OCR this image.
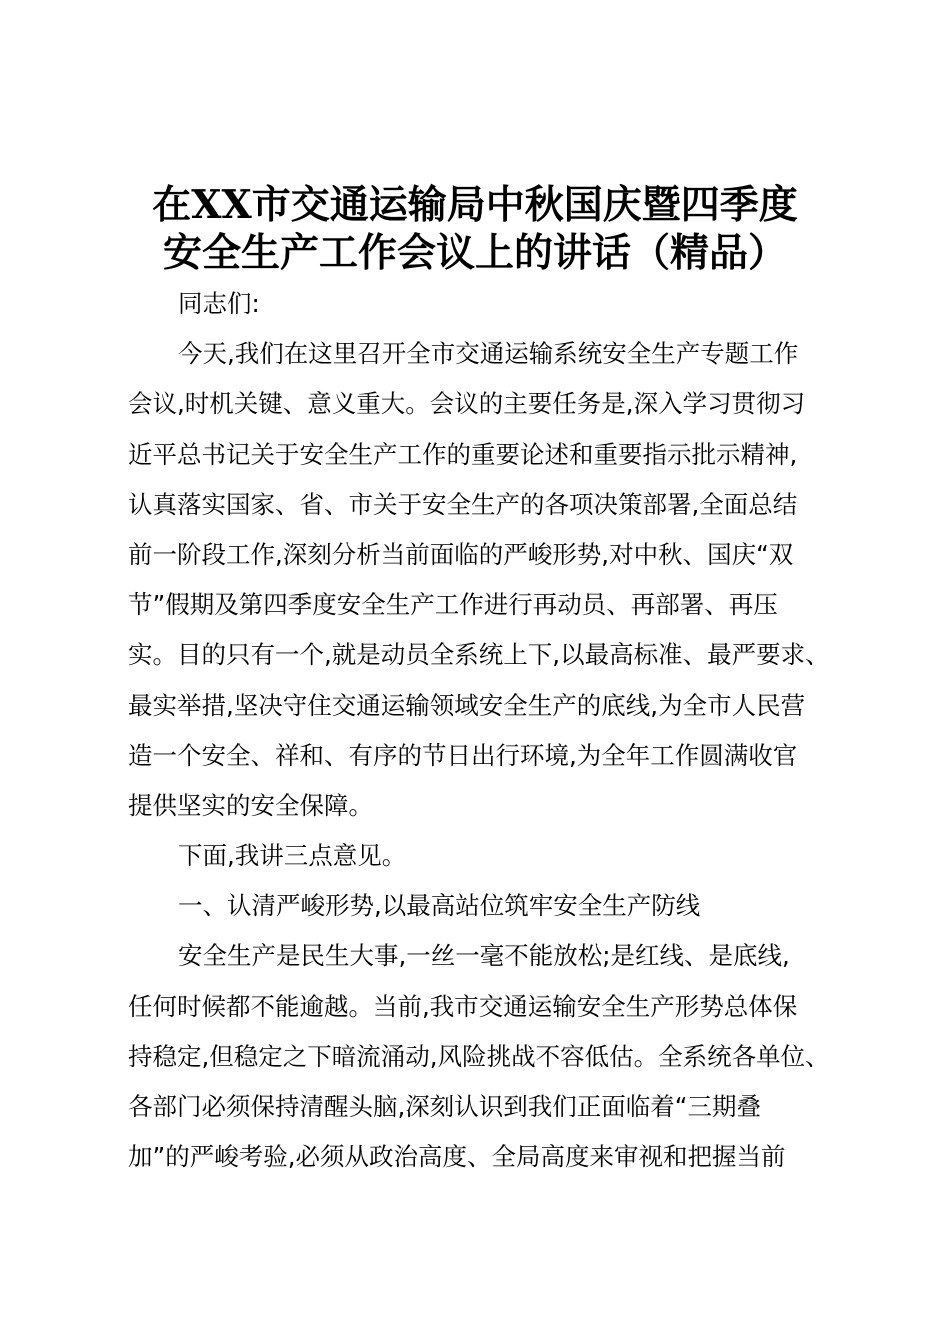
在XX市交通运输局中秋国庆暨四季度
安全生产工作会议上的讲话（精品）
同志们:
今天,我们在这里召开全市交通运输系统安全生产专题工作
会议,时机关键、意义重大。会议的主要任务是,深入学习贯彻习
近平总书记关于安全生产工作的重要论述和重要指示批示精神,
认真落实国家、省、市关于安全生产的各项决策部署,全面总结
前一阶段工作,深刻分析当前面临的严峻形势,对中秋、国庆“双
节”假期及第四季度安全生产工作进行再动员、再部署、再压
实。目的只有一个,就是动员全系统上下,以最高标准、最严要求、
最实举措,坚决守住交通运输领域安全生产的底线,为全市人民营
造一个安全、祥和、有序的节日出行环境,为全年工作圆满收官
提供坚实的安全保障。
下面,我讲三点意见。
一、认清严峻形势,以最高站位筑牢安全生产防线
安全生产是民生大事,一丝一毫不能放松;是红线、是底线,
任何时候都不能逾越。当前,我市交通运输安全生产形势总体保
持稳定,但稳定之下暗流涌动,风险挑战不容低估。全系统各单位、
各部门必须保持清醒头脑,深刻认识到我们正面临着“三期叠
加”的严峻考验,必须从政治高度、全局高度来审视和把握当前
